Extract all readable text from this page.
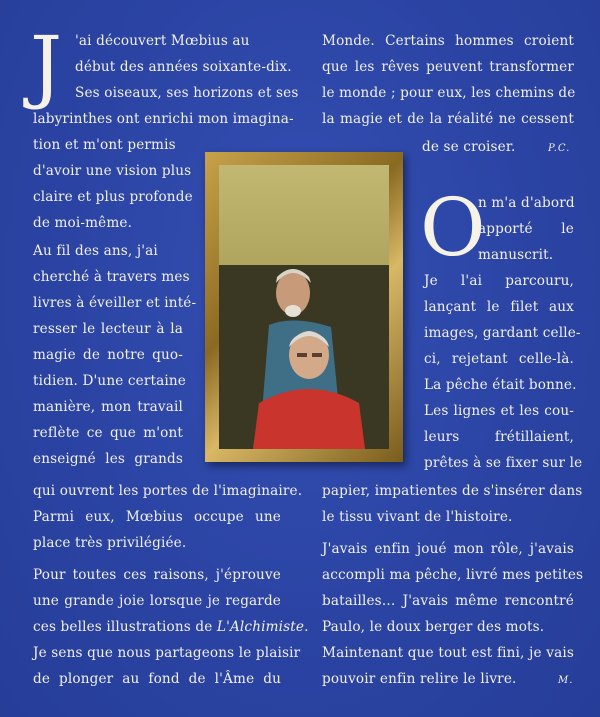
J 'ai découvert Mœbius au
début des années soixante-dix.
Ses oiseaux, ses horizons et ses
labyrinthes ont enrichi mon imagina-
tion et m'ont permis
d'avoir une vision plus
claire et plus profonde
de moi-même.
Au fil des ans, j'ai
cherché à travers mes
livres à éveiller et inté-
resser le lecteur à la
magie de notre quo-
tidien. D'une certaine
manière, mon travail
reflète ce que m'ont
enseigné les grands
qui ouvrent les portes de l'imaginaire.
Parmi eux, Mœbius occupe une
place très privilégiée.
Pour toutes ces raisons, j'éprouve
une grande joie lorsque je regarde
ces belles illustrations de L'Alchimiste.
Je sens que nous partageons le plaisir
de plonger au fond de l'Âme du
Monde. Certains hommes croient
que les rêves peuvent transformer
le monde ; pour eux, les chemins de
la magie et de la réalité ne cessent
de se croiser.	P.C.
O
n m'a d'abord
apporté le
manuscrit.
Je l'ai parcouru,
lançant le filet aux
images, gardant celle-
ci, rejetant celle-là.
La pêche était bonne.
Les lignes et les cou-
leurs frétillaient,
prêtes à se fixer sur le
papier, impatientes de s'insérer dans
le tissu vivant de l'histoire.
J'avais enfin joué mon rôle, j'avais
accompli ma pêche, livré mes petites
batailles… J'avais même rencontré
Paulo, le doux berger des mots.
Maintenant que tout est fini, je vais
pouvoir enfin relire le livre.	M.
